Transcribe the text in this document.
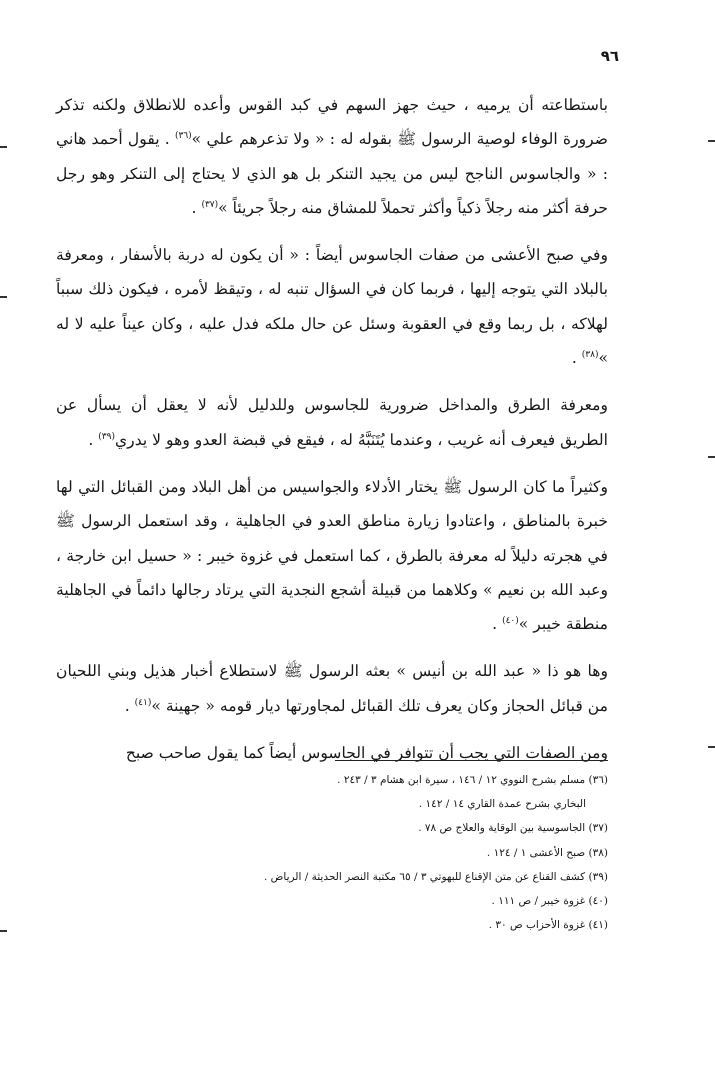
٩٦

باستطاعته أن يرميه ، حيث جهز السهم في كبد القوس وأعده للانطلاق ولكنه تذكر ضرورة الوفاء لوصية الرسول ﷺ بقوله له : « ولا تذعرهم علي »$^{(٣٦)}$ . يقول أحمد هاني : « والجاسوس الناجح ليس من يجيد التنكر بل هو الذي لا يحتاج إلى التنكر وهو رجل حرفة أكثر منه رجلاً ذكياً وأكثر تحملاً للمشاق منه رجلاً جريئاً »$^{(٣٧)}$ .

وفي صبح الأعشى من صفات الجاسوس أيضاً : « أن يكون له دربة بالأسفار ، ومعرفة بالبلاد التي يتوجه إليها ، فربما كان في السؤال تنبه له ، وتيقظ لأمره ، فيكون ذلك سبباً لهلاكه ، بل ربما وقع في العقوبة وسئل عن حال ملكه فدل عليه ، وكان عيناً عليه لا له »$^{(٣٨)}$ .

ومعرفة الطرق والمداخل ضرورية للجاسوس وللدليل لأنه لا يعقل أن يسأل عن الطريق فيعرف أنه غريب ، وعندما يُتَنَبَّهُ له ، فيقع في قبضة العدو وهو لا يدري$^{(٣٩)}$ .

وكثيراً ما كان الرسول ﷺ يختار الأدلاء والجواسيس من أهل البلاد ومن القبائل التي لها خبرة بالمناطق ، واعتادوا زيارة مناطق العدو في الجاهلية ، وقد استعمل الرسول ﷺ في هجرته دليلاً له معرفة بالطرق ، كما استعمل في غزوة خيبر : « حسيل ابن خارجة ، وعبد الله بن نعيم » وكلاهما من قبيلة أشجع النجدية التي يرتاد رجالها دائماً في الجاهلية منطقة خيبر »$^{(٤٠)}$ .

وها هو ذا « عبد الله بن أنيس » بعثه الرسول ﷺ لاستطلاع أخبار هذيل وبني اللحيان من قبائل الحجاز وكان يعرف تلك القبائل لمجاورتها ديار قومه « جهينة »$^{(٤١)}$ .

ومن الصفات التي يجب أن تتوافر في الجاسوس أيضاً كما يقول صاحب صبح

(٣٦) مسلم بشرح النووي ١٢ / ١٤٦ ، سيرة ابن هشام ٣ / ٢٤٣ .
البخاري بشرح عمدة القاري ١٤ / ١٤٢ .
(٣٧) الجاسوسية بين الوقاية والعلاج ص ٧٨ .
(٣٨) صبح الأعشى ١ / ١٢٤ .
(٣٩) كشف القناع عن متن الإقناع للبهوتي ٣ / ٦٥ مكتبة النصر الحديثة / الرياض .
(٤٠) غزوة خيبر / ص ١١١ .
(٤١) غزوة الأحزاب ص ٣٠ .
